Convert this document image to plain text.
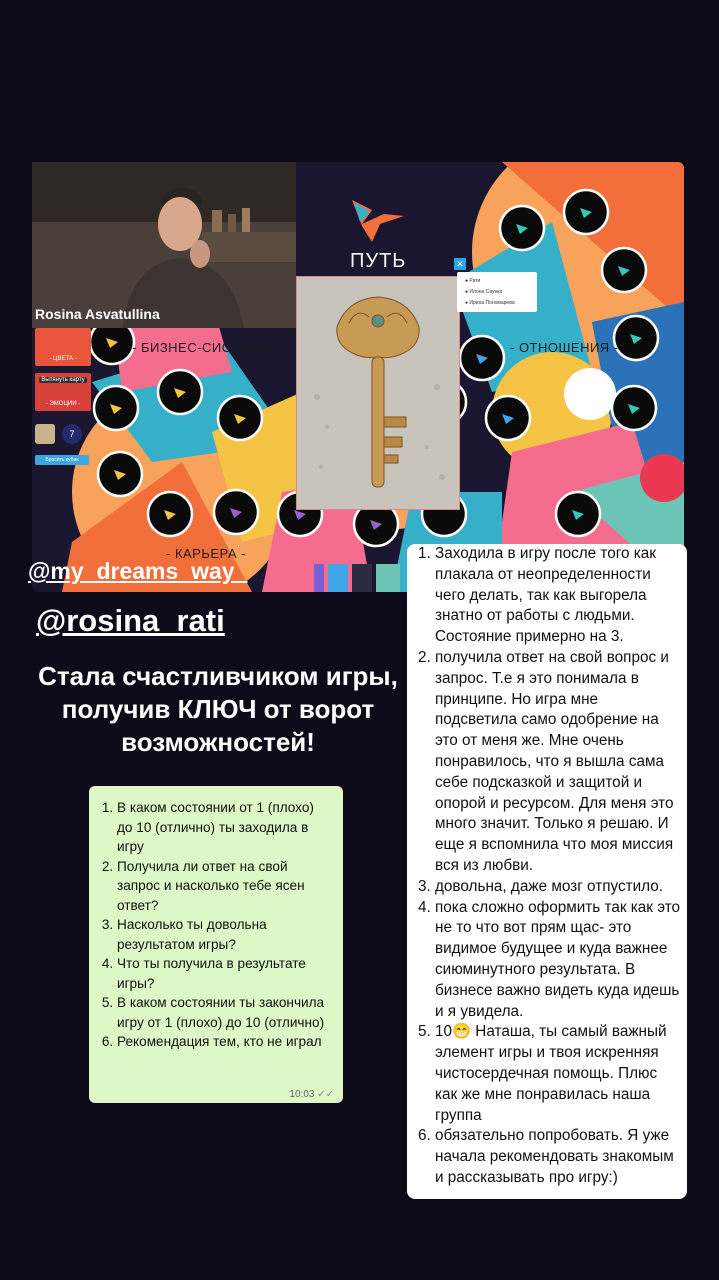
ПУТЬ
- БИЗНЕС-СИСТЕМА -	- ОТНОШЕНИЯ -
- КАРЬЕРА -
Rosina Asvatullina
- ЦВЕТА -
Вытянуть карту
- ЭМОЦИИ -
7
Бросить кубик
✕
● Рати
● Илона Саунко
● Ирина Пономарева
@my_dreams_way_
@rosina_rati
Стала счастливчиком игры, получив КЛЮЧ от ворот возможностей!
1. В каком состоянии от 1 (плохо) до 10 (отлично) ты заходила в игру
2. Получила ли ответ на свой запрос и насколько тебе ясен ответ?
3. Насколько ты довольна результатом игры?
4. Что ты получила в результате игры?
5. В каком состоянии ты закончила игру от 1 (плохо) до 10 (отлично)
6. Рекомендация тем, кто не играл
10:03 ✓✓
1. Заходила в игру после того как плакала от неопределенности чего делать, так как выгорела знатно от работы с людьми. Состояние примерно на 3.
2. получила ответ на свой вопрос и запрос. Т.е я это понимала в принципе. Но игра мне подсветила само одобрение на это от меня же. Мне очень понравилось, что я вышла сама себе подсказкой и защитой и опорой и ресурсом. Для меня это много значит. Только я решаю. И еще я вспомнила что моя миссия вся из любви.
3. довольна, даже мозг отпустило.
4. пока сложно оформить так как это не то что вот прям щас- это видимое будущее и куда важнее сиюминутного результата. В бизнесе важно видеть куда идешь и я увидела.
5. 10😁 Наташа, ты самый важный элемент игры и твоя искренняя чистосердечная помощь. Плюс как же мне понравилась наша группа
6. обязательно попробовать. Я уже начала рекомендовать знакомым и рассказывать про игру:)
